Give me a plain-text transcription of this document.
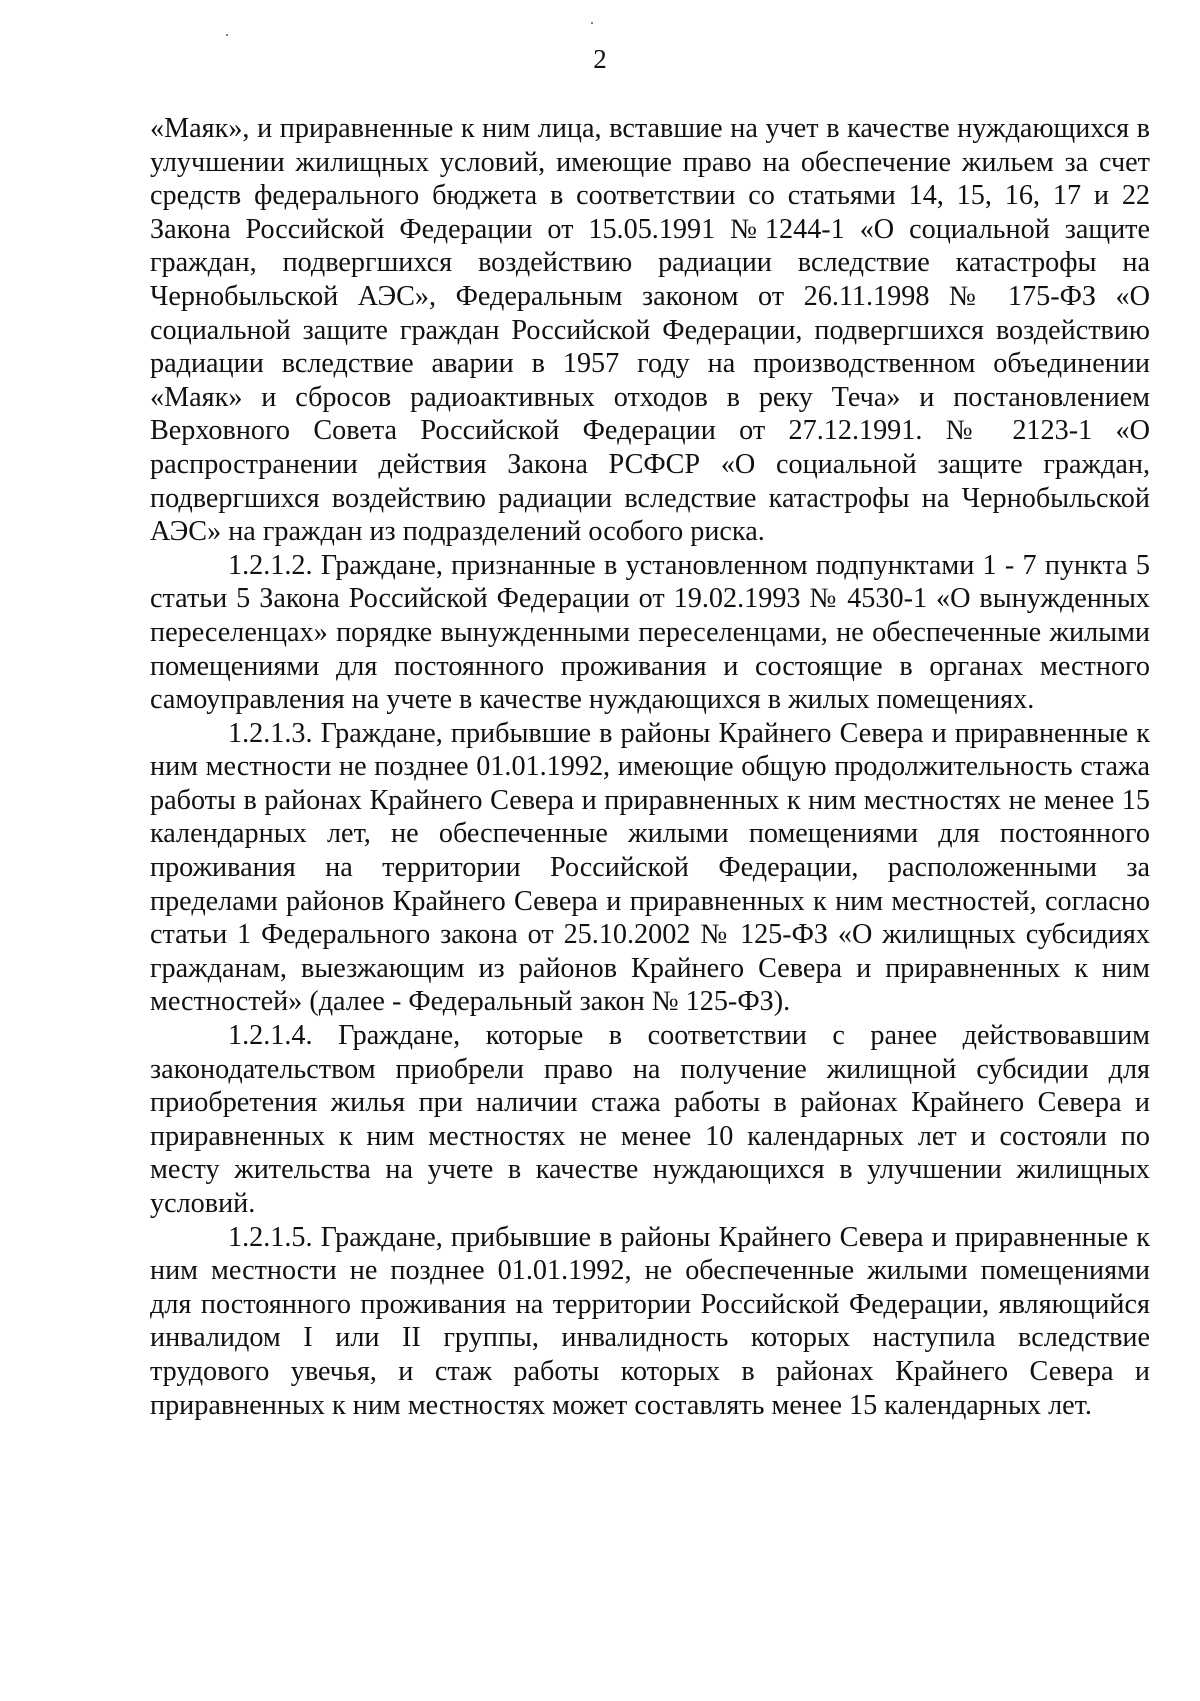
2

«Маяк», и приравненные к ним лица, вставшие на учет в качестве нуждающихся в улучшении жилищных условий, имеющие право на обеспечение жильем за счет средств федерального бюджета в соответствии со статьями 14, 15, 16, 17 и 22 Закона Российской Федерации от 15.05.1991 №1244-1 «О социальной защите граждан, подвергшихся воздействию радиации вследствие катастрофы на Чернобыльской АЭС», Федеральным законом от 26.11.1998 № 175-ФЗ «О социальной защите граждан Российской Федерации, подвергшихся воздействию радиации вследствие аварии в 1957 году на производственном объединении «Маяк» и сбросов радиоактивных отходов в реку Теча» и постановлением Верховного Совета Российской Федерации от 27.12.1991. № 2123-1 «О распространении действия Закона РСФСР «О социальной защите граждан, подвергшихся воздействию радиации вследствие катастрофы на Чернобыльской АЭС» на граждан из подразделений особого риска.

1.2.1.2. Граждане, признанные в установленном подпунктами 1 - 7 пункта 5 статьи 5 Закона Российской Федерации от 19.02.1993 № 4530-1 «О вынужденных переселенцах» порядке вынужденными переселенцами, не обеспеченные жилыми помещениями для постоянного проживания и состоящие в органах местного самоуправления на учете в качестве нуждающихся в жилых помещениях.

1.2.1.3. Граждане, прибывшие в районы Крайнего Севера и приравненные к ним местности не позднее 01.01.1992, имеющие общую продолжительность стажа работы в районах Крайнего Севера и приравненных к ним местностях не менее 15 календарных лет, не обеспеченные жилыми помещениями для постоянного проживания на территории Российской Федерации, расположенными за пределами районов Крайнего Севера и приравненных к ним местностей, согласно статьи 1 Федерального закона от 25.10.2002 № 125-ФЗ «О жилищных субсидиях гражданам, выезжающим из районов Крайнего Севера и приравненных к ним местностей» (далее - Федеральный закон № 125-ФЗ).

1.2.1.4. Граждане, которые в соответствии с ранее действовавшим законодательством приобрели право на получение жилищной субсидии для приобретения жилья при наличии стажа работы в районах Крайнего Севера и приравненных к ним местностях не менее 10 календарных лет и состояли по месту жительства на учете в качестве нуждающихся в улучшении жилищных условий.

1.2.1.5. Граждане, прибывшие в районы Крайнего Севера и приравненные к ним местности не позднее 01.01.1992, не обеспеченные жилыми помещениями для постоянного проживания на территории Российской Федерации, являющийся инвалидом I или II группы, инвалидность которых наступила вследствие трудового увечья, и стаж работы которых в районах Крайнего Севера и приравненных к ним местностях может составлять менее 15 календарных лет.
